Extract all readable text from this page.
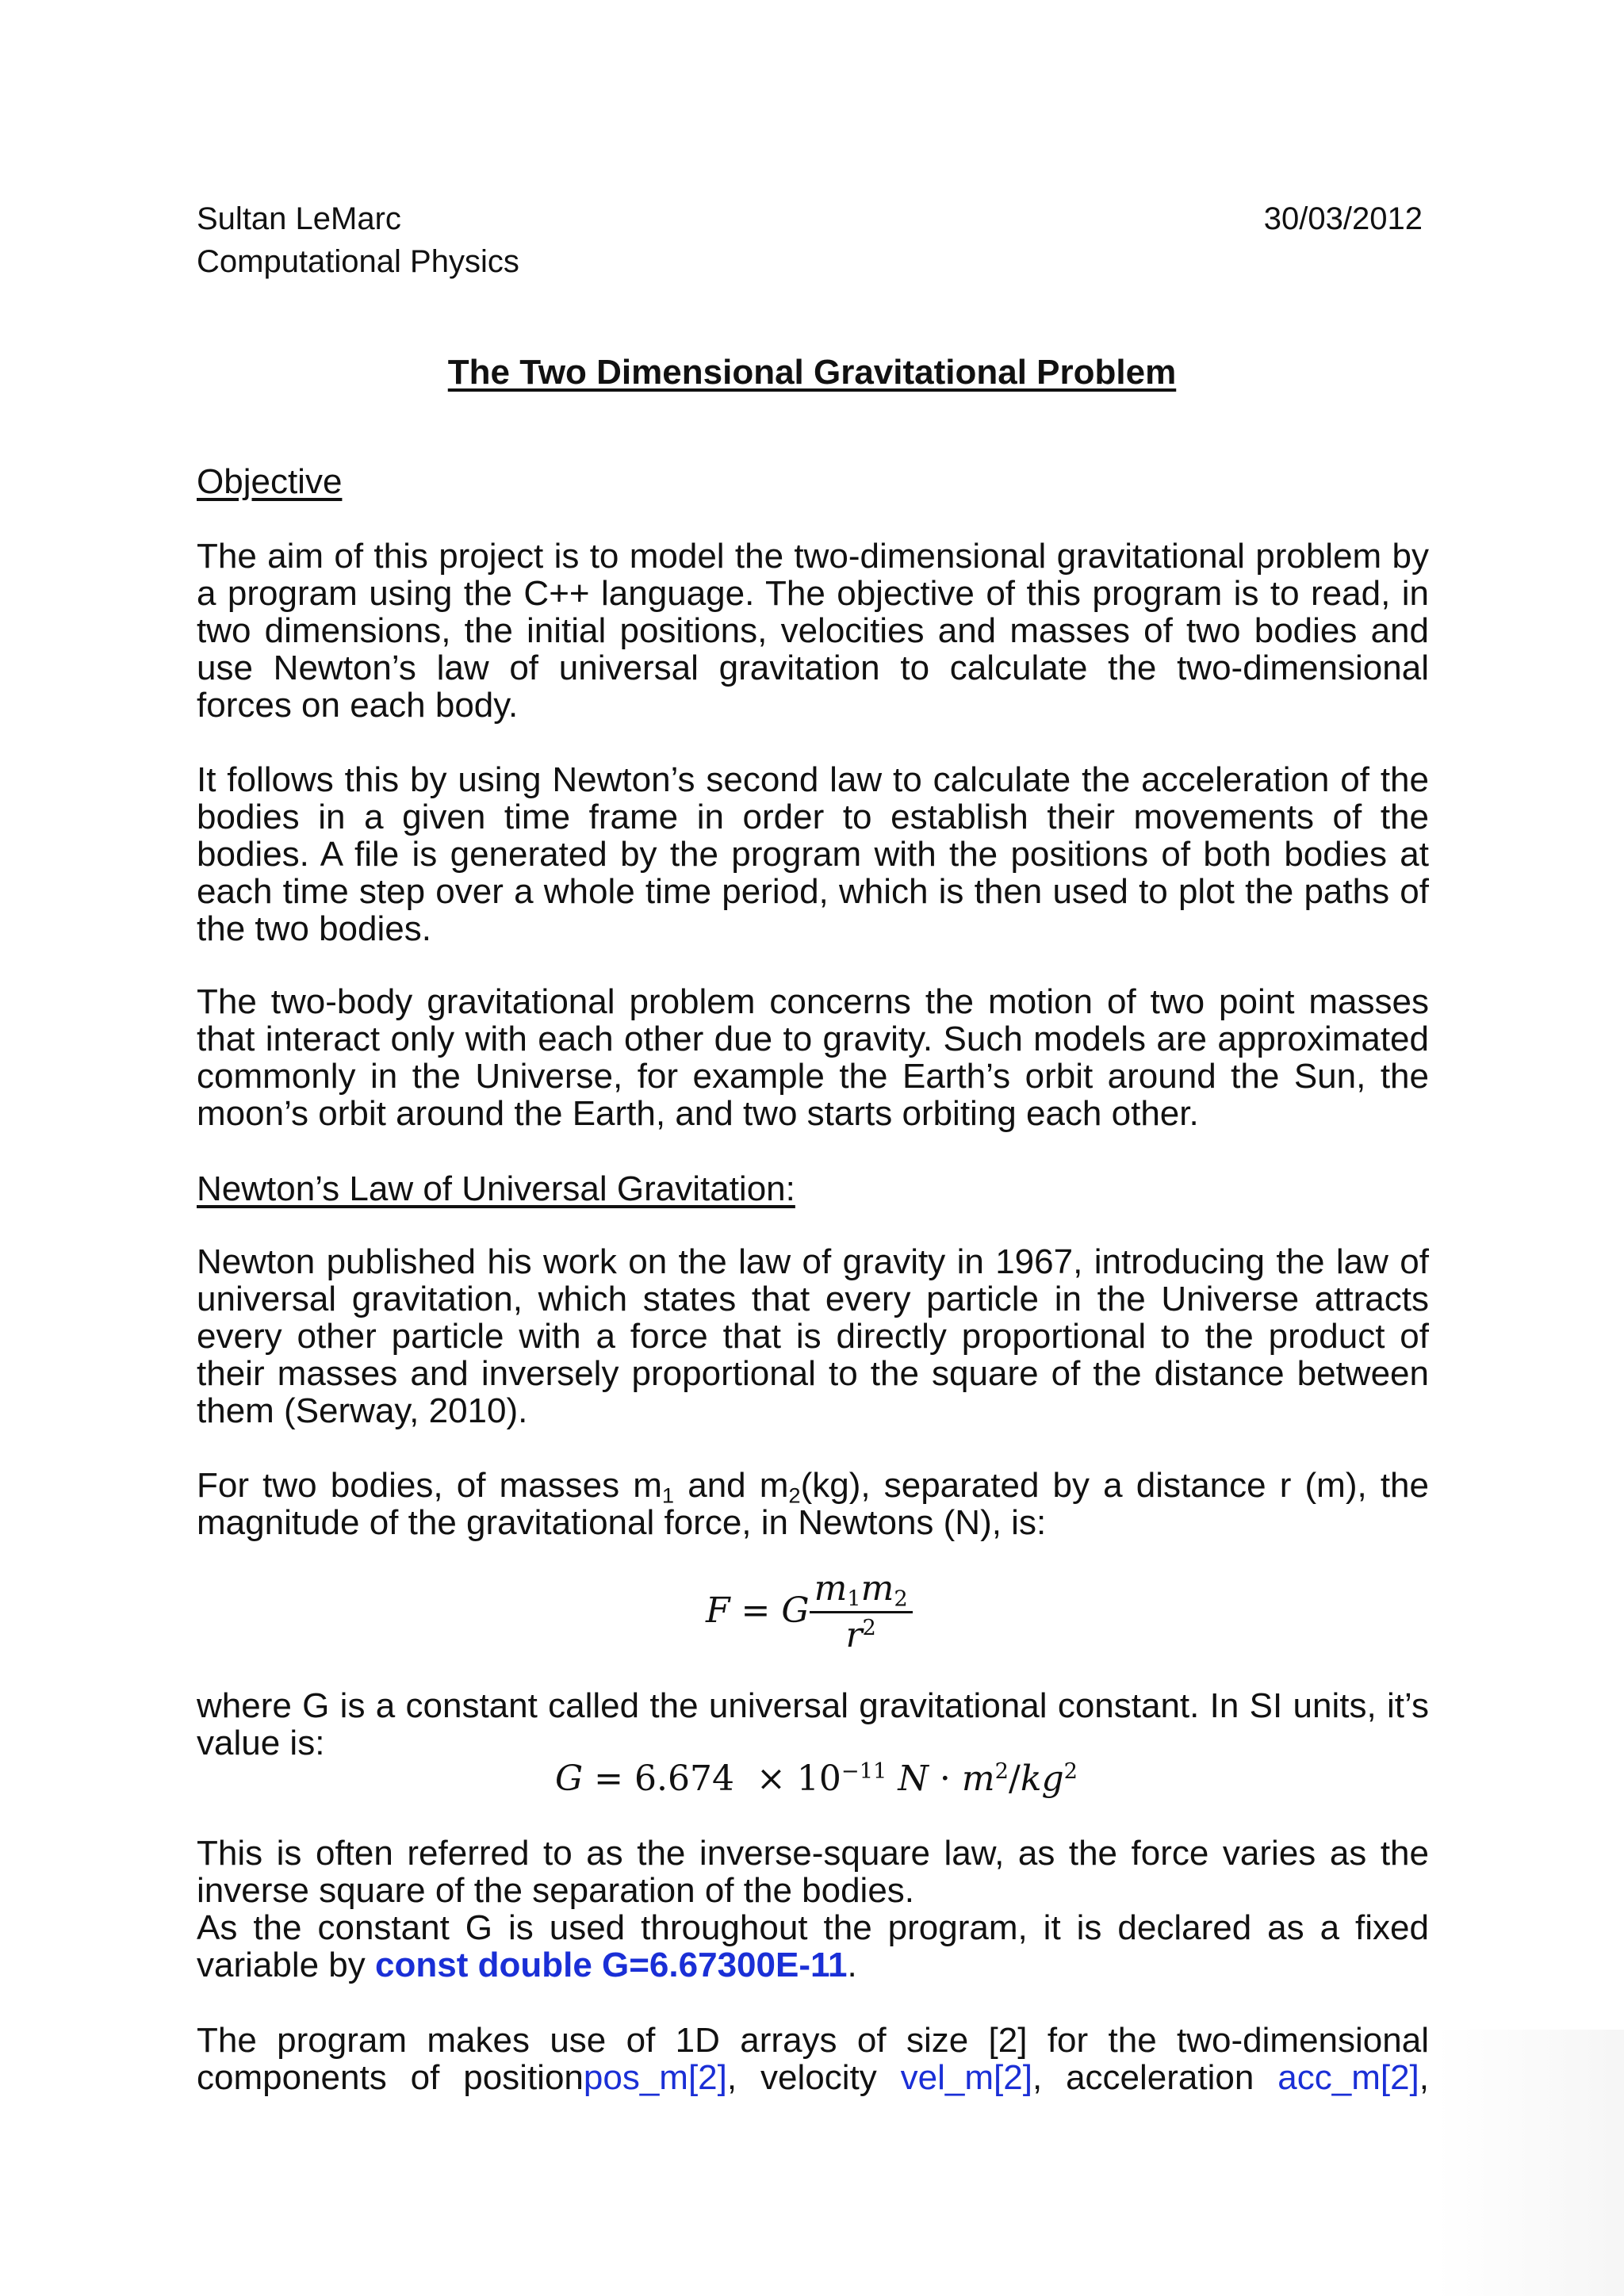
Sultan LeMarc	30/03/2012
Computational Physics
The Two Dimensional Gravitational Problem
Objective
The aim of this project is to model the two-dimensional gravitational problem by a program using the C++ language. The objective of this program is to read, in two dimensions, the initial positions, velocities and masses of two bodies and use Newton’s law of universal gravitation to calculate the two-dimensional forces on each body.
It follows this by using Newton’s second law to calculate the acceleration of the bodies in a given time frame in order to establish their movements of the bodies. A file is generated by the program with the positions of both bodies at each time step over a whole time period, which is then used to plot the paths of the two bodies.
The two-body gravitational problem concerns the motion of two point masses that interact only with each other due to gravity. Such models are approximated commonly in the Universe, for example the Earth’s orbit around the Sun, the moon’s orbit around the Earth, and two starts orbiting each other.
Newton’s Law of Universal Gravitation:
Newton published his work on the law of gravity in 1967, introducing the law of universal gravitation, which states that every particle in the Universe attracts every other particle with a force that is directly proportional to the product of their masses and inversely proportional to the square of the distance between them (Serway, 2010).
For two bodies, of masses $m_1$ and $m_2(kg)$, separated by a distance r (m), the magnitude of the gravitational force, in Newtons (N), is:
F = G $\frac{m_1m_2}{r^2}$
where G is a constant called the universal gravitational constant. In SI units, it’s value is:
$G = 6.674 \times 10^{-11}$ $N \cdot m^2/kg^2$
This is often referred to as the inverse-square law, as the force varies as the inverse square of the separation of the bodies.
As the constant G is used throughout the program, it is declared as a fixed variable by const double G=6.67300E-11.
The program makes use of 1D arrays of size [2] for the two-dimensional components of positionpos_m[2], velocity vel_m[2], acceleration acc_m[2],
